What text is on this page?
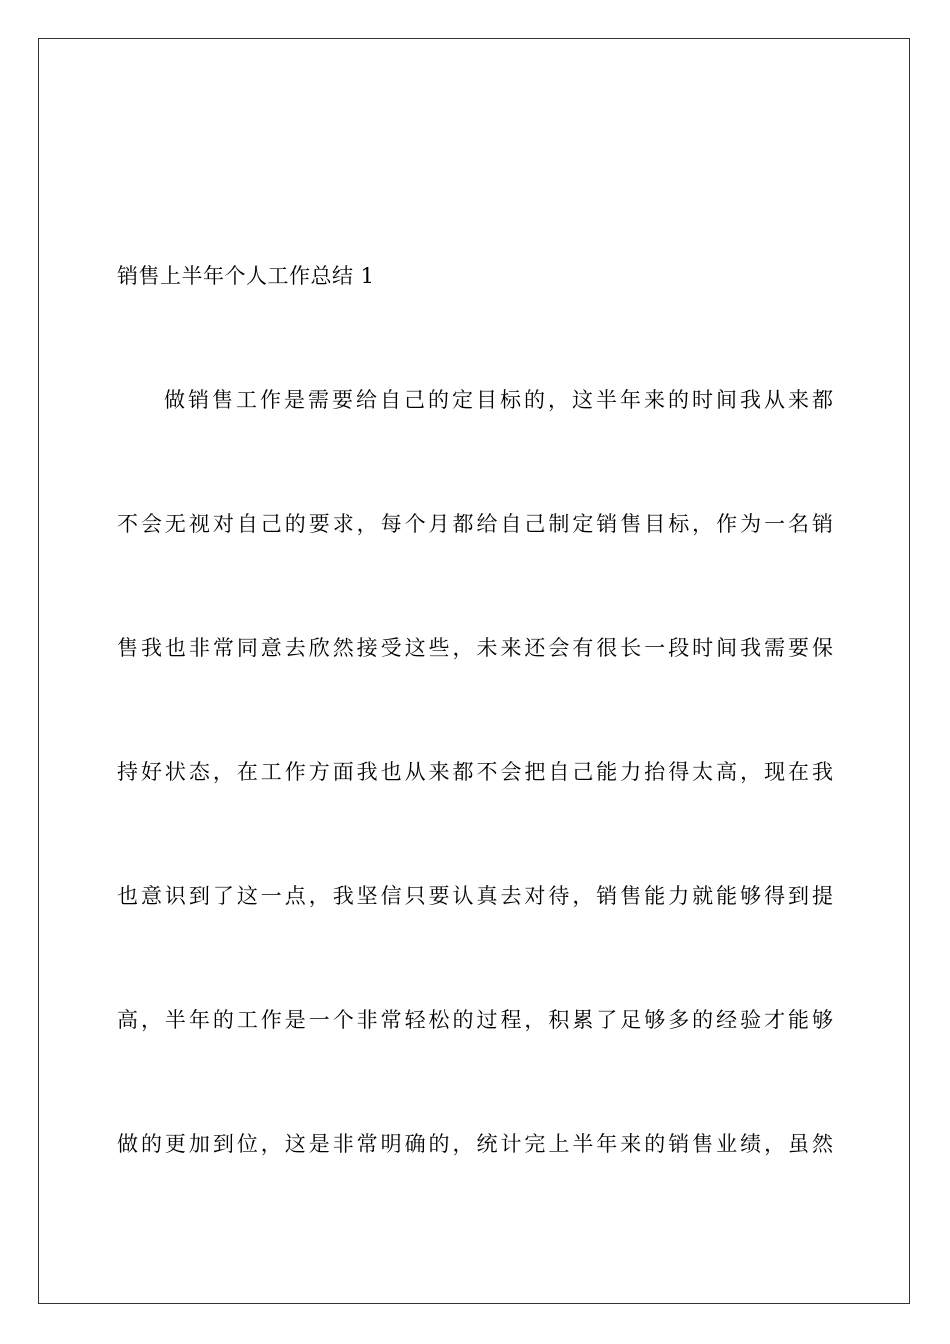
销售上半年个人工作总结 1
做销售工作是需要给自己的定目标的，这半年来的时间我从来都
不会无视对自己的要求，每个月都给自己制定销售目标，作为一名销
售我也非常同意去欣然接受这些，未来还会有很长一段时间我需要保
持好状态，在工作方面我也从来都不会把自己能力抬得太高，现在我
也意识到了这一点，我坚信只要认真去对待，销售能力就能够得到提
高，半年的工作是一个非常轻松的过程，积累了足够多的经验才能够
做的更加到位，这是非常明确的，统计完上半年来的销售业绩，虽然
